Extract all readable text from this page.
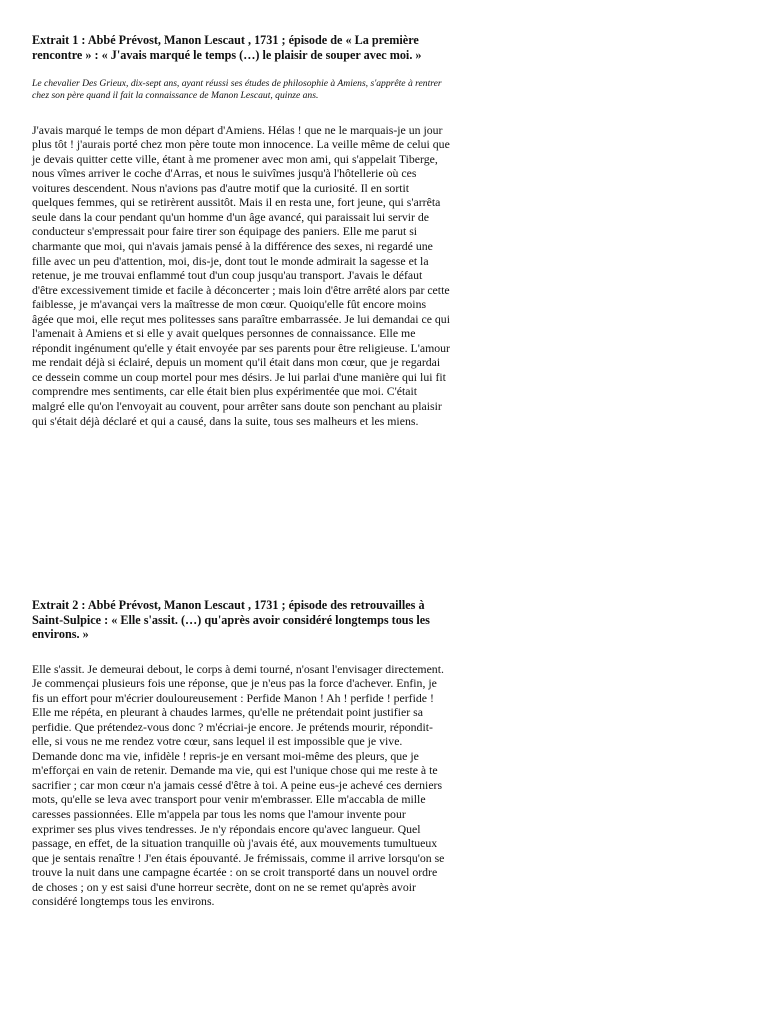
Extrait 1 : Abbé Prévost, Manon Lescaut , 1731 ; épisode de « La première rencontre » : « J'avais marqué le temps (…) le plaisir de souper avec moi. »

Le chevalier Des Grieux, dix-sept ans, ayant réussi ses études de philosophie à Amiens, s'apprête à rentrer chez son père quand il fait la connaissance de Manon Lescaut, quinze ans.

J'avais marqué le temps de mon départ d'Amiens. Hélas ! que ne le marquais-je un jour plus tôt ! j'aurais porté chez mon père toute mon innocence. La veille même de celui que je devais quitter cette ville, étant à me promener avec mon ami, qui s'appelait Tiberge, nous vîmes arriver le coche d'Arras, et nous le suivîmes jusqu'à l'hôtellerie où ces voitures descendent. Nous n'avions pas d'autre motif que la curiosité. Il en sortit quelques femmes, qui se retirèrent aussitôt. Mais il en resta une, fort jeune, qui s'arrêta seule dans la cour pendant qu'un homme d'un âge avancé, qui paraissait lui servir de conducteur s'empressait pour faire tirer son équipage des paniers. Elle me parut si charmante que moi, qui n'avais jamais pensé à la différence des sexes, ni regardé une fille avec un peu d'attention, moi, dis-je, dont tout le monde admirait la sagesse et la retenue, je me trouvai enflammé tout d'un coup jusqu'au transport. J'avais le défaut d'être excessivement timide et facile à déconcerter ; mais loin d'être arrêté alors par cette faiblesse, je m'avançai vers la maîtresse de mon cœur. Quoiqu'elle fût encore moins âgée que moi, elle reçut mes politesses sans paraître embarrassée. Je lui demandai ce qui l'amenait à Amiens et si elle y avait quelques personnes de connaissance. Elle me répondit ingénument qu'elle y était envoyée par ses parents pour être religieuse. L'amour me rendait déjà si éclairé, depuis un moment qu'il était dans mon cœur, que je regardai ce dessein comme un coup mortel pour mes désirs. Je lui parlai d'une manière qui lui fit comprendre mes sentiments, car elle était bien plus expérimentée que moi. C'était malgré elle qu'on l'envoyait au couvent, pour arrêter sans doute son penchant au plaisir qui s'était déjà déclaré et qui a causé, dans la suite, tous ses malheurs et les miens.

Extrait 2 : Abbé Prévost, Manon Lescaut , 1731 ; épisode des retrouvailles à Saint-Sulpice : « Elle s'assit. (…) qu'après avoir considéré longtemps tous les environs. »

Elle s'assit. Je demeurai debout, le corps à demi tourné, n'osant l'envisager directement. Je commençai plusieurs fois une réponse, que je n'eus pas la force d'achever. Enfin, je fis un effort pour m'écrier douloureusement : Perfide Manon ! Ah ! perfide ! perfide ! Elle me répéta, en pleurant à chaudes larmes, qu'elle ne prétendait point justifier sa perfidie. Que prétendez-vous donc ? m'écriai-je encore. Je prétends mourir, répondit-elle, si vous ne me rendez votre cœur, sans lequel il est impossible que je vive. Demande donc ma vie, infidèle ! repris-je en versant moi-même des pleurs, que je m'efforçai en vain de retenir. Demande ma vie, qui est l'unique chose qui me reste à te sacrifier ; car mon cœur n'a jamais cessé d'être à toi. A peine eus-je achevé ces derniers mots, qu'elle se leva avec transport pour venir m'embrasser. Elle m'accabla de mille caresses passionnées. Elle m'appela par tous les noms que l'amour invente pour exprimer ses plus vives tendresses. Je n'y répondais encore qu'avec langueur. Quel passage, en effet, de la situation tranquille où j'avais été, aux mouvements tumultueux que je sentais renaître ! J'en étais épouvanté. Je frémissais, comme il arrive lorsqu'on se trouve la nuit dans une campagne écartée : on se croit transporté dans un nouvel ordre de choses ; on y est saisi d'une horreur secrète, dont on ne se remet qu'après avoir considéré longtemps tous les environs.
